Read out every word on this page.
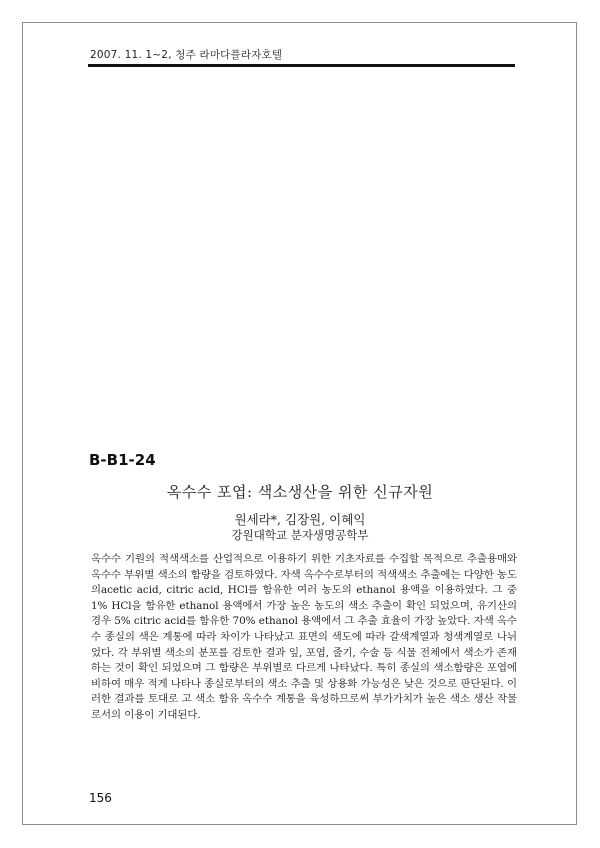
2007. 11. 1~2, 청주 라마다플라자호텔
B-B1-24
옥수수 포엽: 색소생산을 위한 신규자원
원세라*, 김장원, 이혜익
강원대학교 분자생명공학부
옥수수 기원의 적색색소를 산업적으로 이용하기 위한 기초자료를 수집할 목적으로 추출용매와 옥수수 부위별 색소의 함량을 검토하였다. 자색 옥수수로부터의 적색색소 추출에는 다양한 농도의acetic acid, citric acid, HCl를 함유한 여러 농도의 ethanol 용액을 이용하였다. 그 중 1% HCl을 함유한 ethanol 용액에서 가장 높은 농도의 색소 추출이 확인 되었으며, 유기산의 경우 5% citric acid를 함유한 70% ethanol 용액에서 그 추출 효율이 가장 높았다. 자색 옥수수 종실의 색은 계통에 따라 차이가 나타났고 표면의 색도에 따라 갈색계열과 청색계열로 나뉘었다. 각 부위별 색소의 분포를 검토한 결과 잎, 포엽, 줄기, 수술 등 식물 전체에서 색소가 존재하는 것이 확인 되었으며 그 함량은 부위별로 다르게 나타났다. 특히 종실의 색소함량은 포엽에 비하여 매우 적게 나타나 종실로부터의 색소 추출 및 상용화 가능성은 낮은 것으로 판단된다. 이러한 결과를 토대로 고 색소 함유 옥수수 계통을 육성하므로써 부가가치가 높은 색소 생산 작물로서의 이용이 기대된다.
156
